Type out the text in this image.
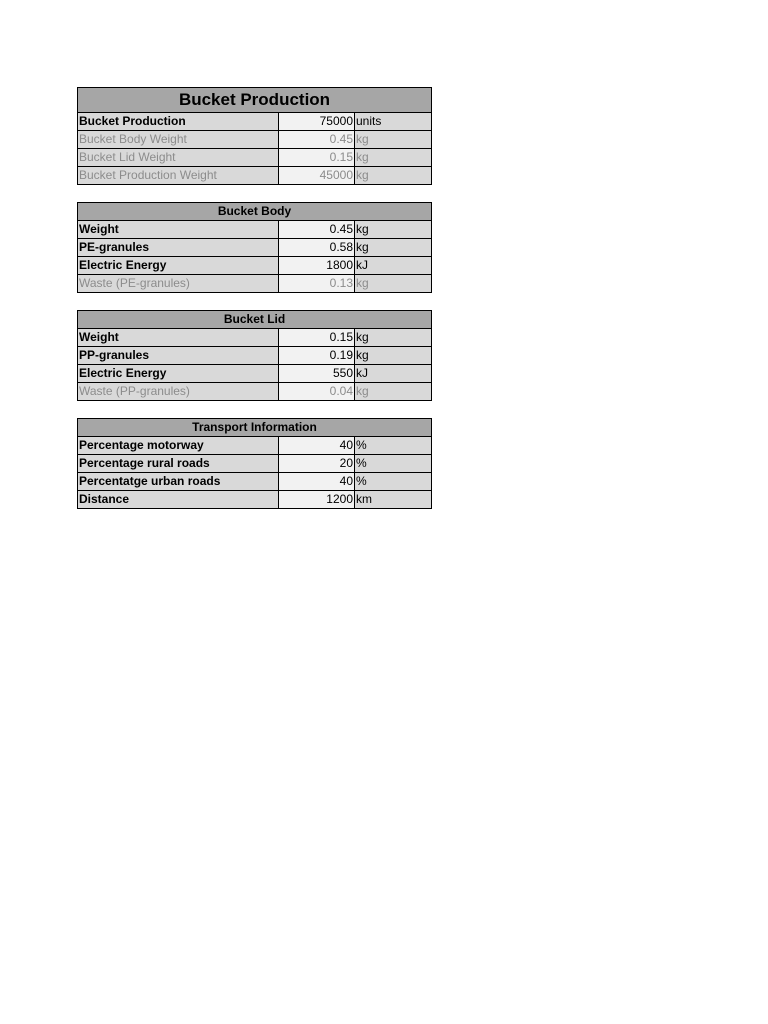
Bucket Production		
Bucket Production	75000	units
Bucket Body Weight	0.45	kg
Bucket Lid Weight	0.15	kg
Bucket Production Weight	45000	kg
Bucket Body		
Weight	0.45	kg
PE-granules	0.58	kg
Electric Energy	1800	kJ
Waste (PE-granules)	0.13	kg
Bucket Lid		
Weight	0.15	kg
PP-granules	0.19	kg
Electric Energy	550	kJ
Waste (PP-granules)	0.04	kg
Transport Information		
Percentage motorway	40	%
Percentage rural roads	20	%
Percentatge urban roads	40	%
Distance	1200	km
